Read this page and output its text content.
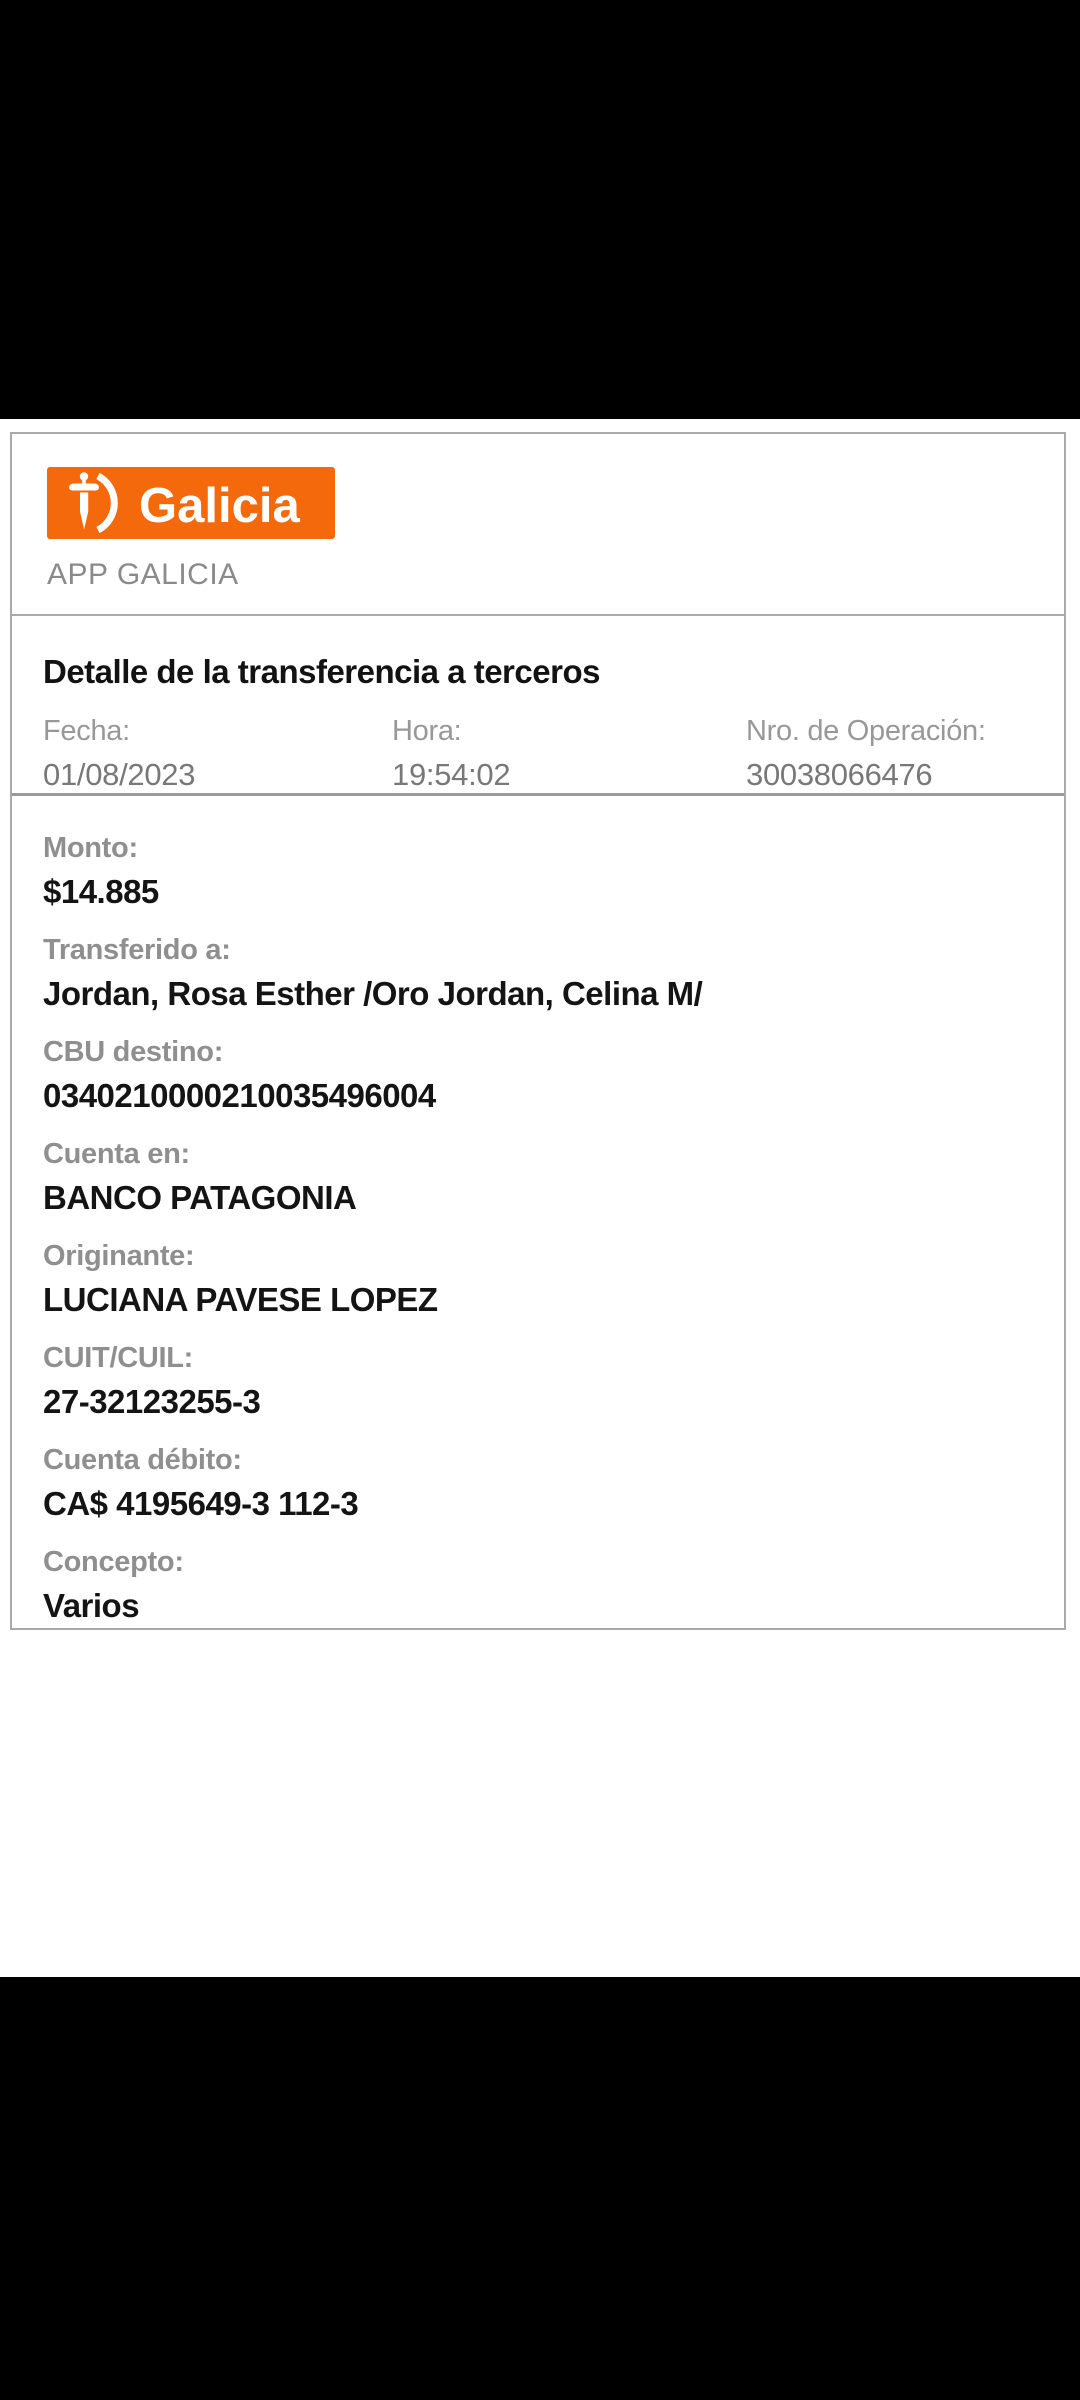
Galicia
APP GALICIA
Detalle de la transferencia a terceros
Fecha:
01/08/2023
Hora:
19:54:02
Nro. de Operación:
30038066476
Monto:
$14.885
Transferido a:
Jordan, Rosa Esther /Oro Jordan, Celina M/
CBU destino:
0340210000210035496004
Cuenta en:
BANCO PATAGONIA
Originante:
LUCIANA PAVESE LOPEZ
CUIT/CUIL:
27-32123255-3
Cuenta débito:
CA$ 4195649-3 112-3
Concepto:
Varios
